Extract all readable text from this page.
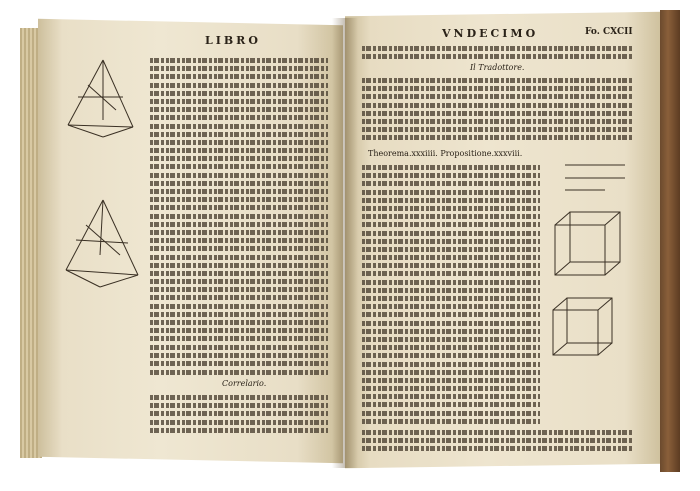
LIBRO
Correlario.
VNDECIMO	Fo. CXCII
Il Tradottore.
Theorema.xxxiiii. Propositione.xxxviii.
